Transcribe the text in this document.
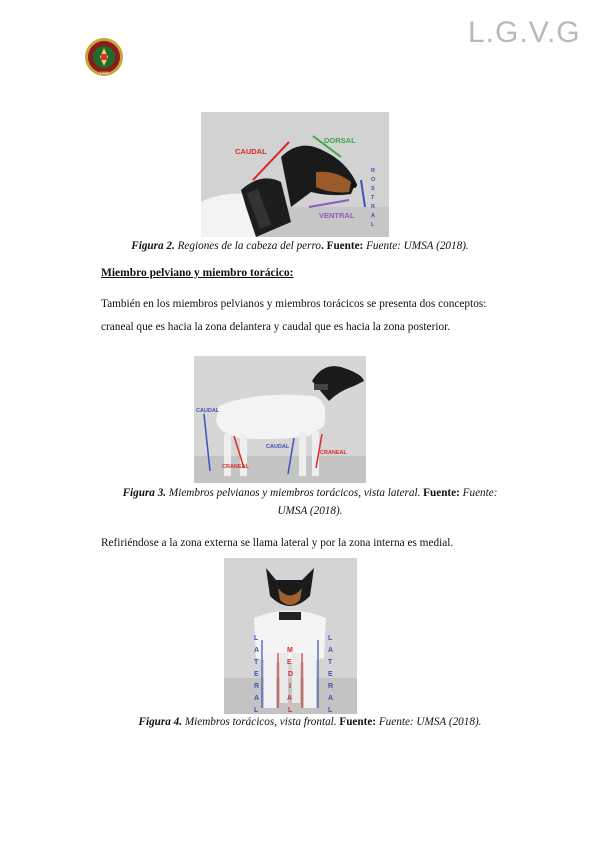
L.G.V.G
1998
CAUDAL
DORSAL
VENTRAL
R
O
S
T
R
A
L
Figura 2. Regiones de la cabeza del perro. Fuente: Fuente: UMSA (2018).
Miembro pelviano y miembro torácico:
También en los miembros pelvianos y miembros torácicos se presenta dos conceptos: craneal que es hacia la zona delantera y caudal que es hacia la zona posterior.
CAUDAL
CRANEAL
CAUDAL
CRANEAL
Figura 3. Miembros pelvianos y miembros torácicos, vista lateral. Fuente: Fuente:
UMSA (2018).
Refiriéndose a la zona externa se llama lateral y por la zona interna es medial.
L
A
T
E
R
A
L
L
A
T
E
R
A
L
M
E
D
I
A
L
Figura 4. Miembros torácicos, vista frontal. Fuente: Fuente: UMSA (2018).
